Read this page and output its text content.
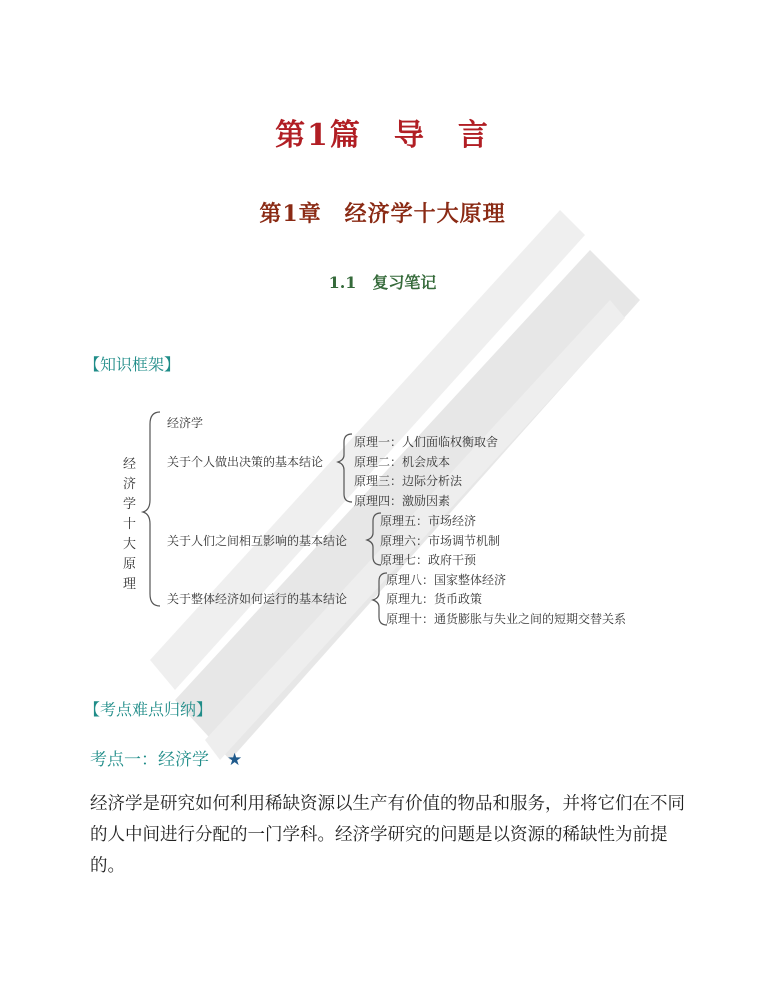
第1篇　导　言
第1章　经济学十大原理
1.1　复习笔记
【知识框架】
经
济
学
十
大
原
理
经济学
关于个人做出决策的基本结论
关于人们之间相互影响的基本结论
关于整体经济如何运行的基本结论
原理一：人们面临权衡取舍
原理二：机会成本
原理三：边际分析法
原理四：激励因素
原理五：市场经济
原理六：市场调节机制
原理七：政府干预
原理八：国家整体经济
原理九：货币政策
原理十：通货膨胀与失业之间的短期交替关系
【考点难点归纳】
考点一：经济学 ★
经济学是研究如何利用稀缺资源以生产有价值的物品和服务，并将它们在不同的人中间进行分配的一门学科。经济学研究的问题是以资源的稀缺性为前提的。
